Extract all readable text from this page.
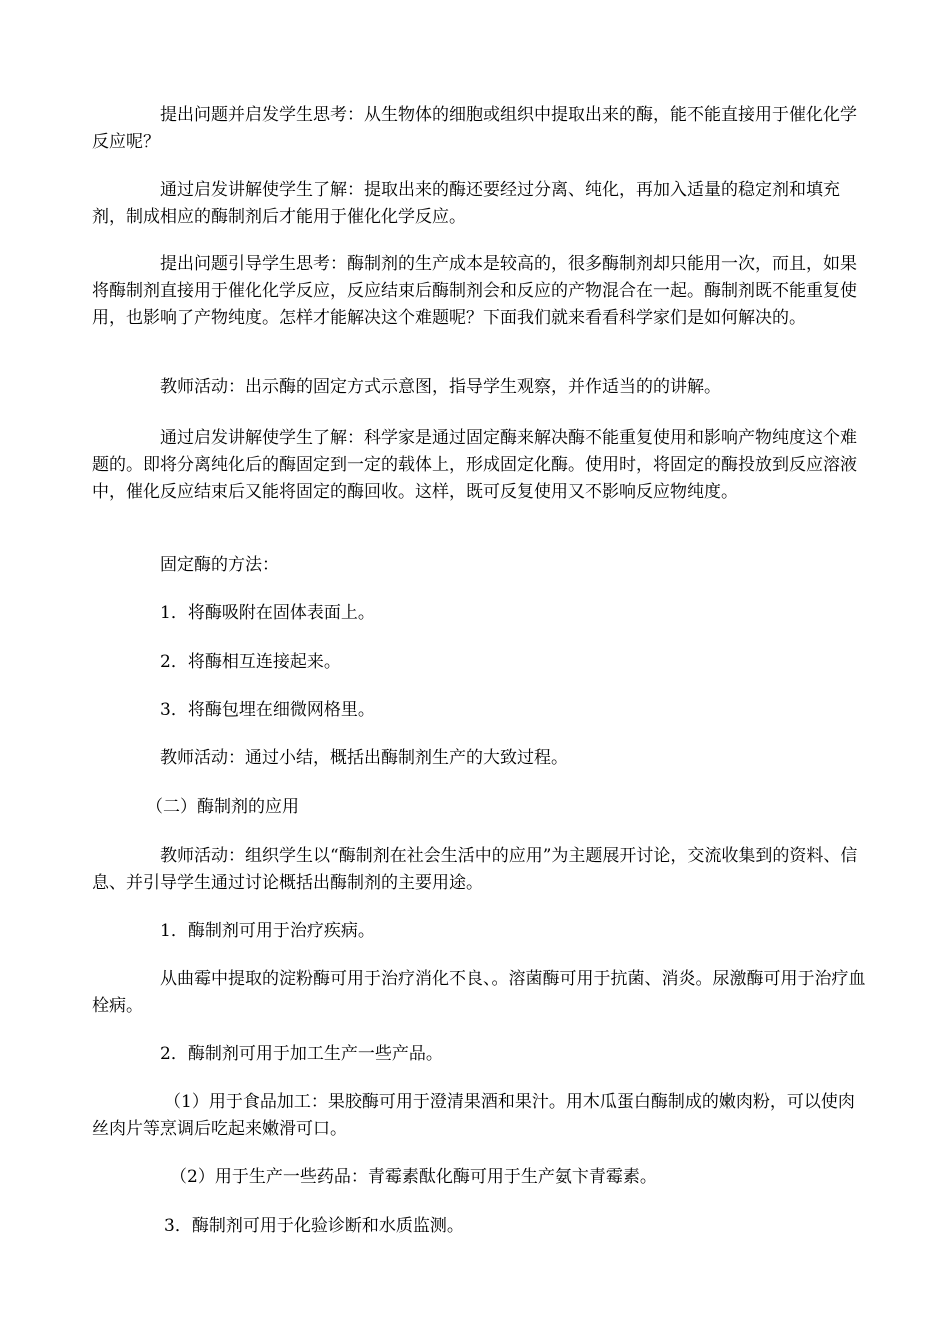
提出问题并启发学生思考：从生物体的细胞或组织中提取出来的酶，能不能直接用于催化化学反应呢？

通过启发讲解使学生了解：提取出来的酶还要经过分离、纯化，再加入适量的稳定剂和填充剂，制成相应的酶制剂后才能用于催化化学反应。

提出问题引导学生思考：酶制剂的生产成本是较高的，很多酶制剂却只能用一次，而且，如果将酶制剂直接用于催化化学反应，反应结束后酶制剂会和反应的产物混合在一起。酶制剂既不能重复使用，也影响了产物纯度。怎样才能解决这个难题呢？下面我们就来看看科学家们是如何解决的。

教师活动：出示酶的固定方式示意图，指导学生观察，并作适当的的讲解。

通过启发讲解使学生了解：科学家是通过固定酶来解决酶不能重复使用和影响产物纯度这个难题的。即将分离纯化后的酶固定到一定的载体上，形成固定化酶。使用时，将固定的酶投放到反应溶液中，催化反应结束后又能将固定的酶回收。这样，既可反复使用又不影响反应物纯度。

固定酶的方法：

1．将酶吸附在固体表面上。

2．将酶相互连接起来。

3．将酶包埋在细微网格里。

教师活动：通过小结，概括出酶制剂生产的大致过程。

（二）酶制剂的应用

教师活动：组织学生以“酶制剂在社会生活中的应用”为主题展开讨论，交流收集到的资料、信息、并引导学生通过讨论概括出酶制剂的主要用途。

1．酶制剂可用于治疗疾病。

从曲霉中提取的淀粉酶可用于治疗消化不良、。溶菌酶可用于抗菌、消炎。尿激酶可用于治疗血栓病。

2．酶制剂可用于加工生产一些产品。

（1）用于食品加工：果胶酶可用于澄清果酒和果汁。用木瓜蛋白酶制成的嫩肉粉，可以使肉丝肉片等烹调后吃起来嫩滑可口。

（2）用于生产一些药品：青霉素酞化酶可用于生产氨卞青霉素。

3．酶制剂可用于化验诊断和水质监测。
